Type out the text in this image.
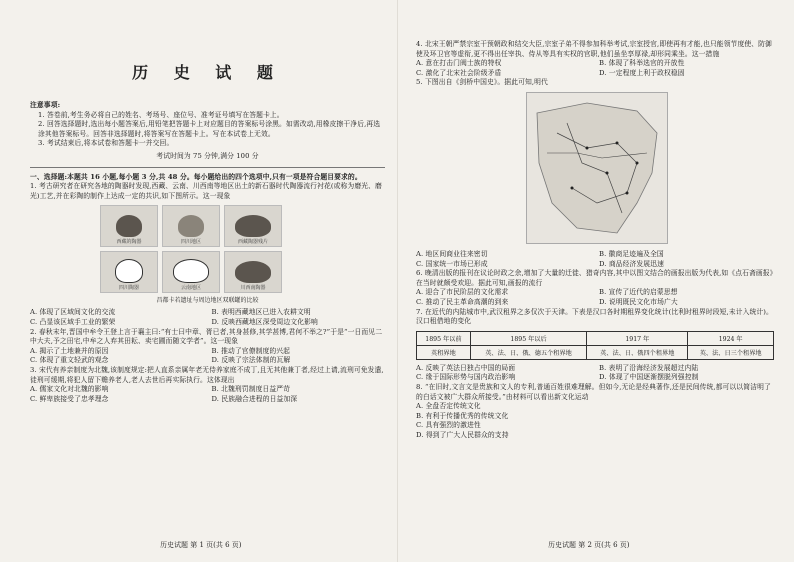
历 史 试 题
注意事项:
1. 答卷前,考生务必将自己的姓名、考场号、座位号、准考证号填写在答题卡上。
2. 回答选择题时,选出每小题答案后,用铅笔把答题卡上对应题目的答案标号涂黑。如需改动,用橡皮擦干净后,再选涂其他答案标号。回答非选择题时,将答案写在答题卡上。写在本试卷上无效。
3. 考试结束后,将本试卷和答题卡一并交回。
考试时间为 75 分钟,满分 100 分
一、选择题:本题共 16 小题,每小题 3 分,共 48 分。每小题给出的四个选项中,只有一项是符合题目要求的。
1. 考古研究者在研究各地的陶器时发现,西藏、云南、川西南等地区出土的新石器时代陶器流行衬花(或称为磨光、磨光)工艺,并在彩陶的制作上达成一定的共识,如下图所示。这一现象
西藏的陶器	四川地区	西藏陶器残片
四川陶器	云南地区	川西南陶器
昌都卡若遗址与周边地区双联罐的比较
A. 体现了区域间文化的交流	B. 表明西藏地区已进入农耕文明
C. 凸显该区域手工业的繁荣	D. 反映西藏地区深受周边文化影响
2. 春秋末年,晋国中牟令王登上言于襄主曰:“有士曰中章、胥已者,其身甚修,其学甚博,君何不举之?”于是“一日而见二中大夫,予之田宅,中牟之人弃其田耘、卖宅圃而随文学者”。这一现象
A. 揭示了土地兼并的原因	B. 推动了官僚制度的兴起
C. 体现了重文轻武的观念	D. 反映了宗法体制的瓦解
3. 宋代有养亲制度为北魏,该制度规定:把人直系亲属年老无侍养家庭不成丁,且无其他兼丁者,经过上请,流刑可免发遣,徒刑可缓期,将犯人留下赡养老人,老人去世后再实际执行。这体现出
A. 儒家文化对北魏的影响	B. 北魏刑罚制度日益严苛
C. 鲜卑族接受了忠孝理念	D. 民族融合进程的日益加深
历史试题 第 1 页(共 6 页)
4. 北宋王朝严禁宗室干预朝政和结交大臣,宗室子弟不得参加科举考试,宗室授官,即使再有才能,也只能领节度使、防御使及环卫官等虚衔,更不得出任宰执、侍从等具有实权的官职,他们虽坐享厚禄,却形同乘坐。这一措施
A. 意在打击门阀士族的特权	B. 体现了科举选官的开放性
C. 激化了北宋社会阶级矛盾	D. 一定程度上利于政权稳固
5. 下图出自《剑桥中国史》。据此可知,明代
A. 地区间商业往来密切	B. 徽商足迹遍及全国
C. 国家统一市场已形成	D. 商品经济发展迅速
6. 晚清出版的报刊在议论时政之余,增加了大量的迁徙、猎奇内容,其中以图文结合的画报出版为代表,如《点石斋画报》在当时就颇受欢迎。据此可知,画报的流行
A. 迎合了市民阶层的文化需求	B. 宣传了近代的启蒙思想
C. 推动了民主革命高潮的到来	D. 说明既民文化市场广大
7. 在近代的内陆城市中,武汉租界之多仅次于天津。下表是汉口各时期租界变化统计(比利时租界时段短,未计入统计)。汉口租借地的变化
1895 年以前	1895 年以后	1917 年	1924 年
英租界地	英、法、日、俄、德五个租界地	英、法、日、俄四个租界地	英、法、日三个租界地
A. 反映了英法日独占中国的局面	B. 表明了沿海经济发展超过内陆
C. 缘于国际形势与国内政治影响	D. 体现了中国逐渐摆脱列强控制
8. “在旧时,文言文是贵族和文人的专利,普通百姓很难理解。但如今,无论是经典著作,还是民间传统,都可以以简洁明了的白话文被广大群众所接受。”由材料可以看出新文化运动
A. 全盘否定传统文化
B. 有利于传播优秀的传统文化
C. 具有强烈的激进性
D. 得到了广大人民群众的支持
历史试题 第 2 页(共 6 页)
